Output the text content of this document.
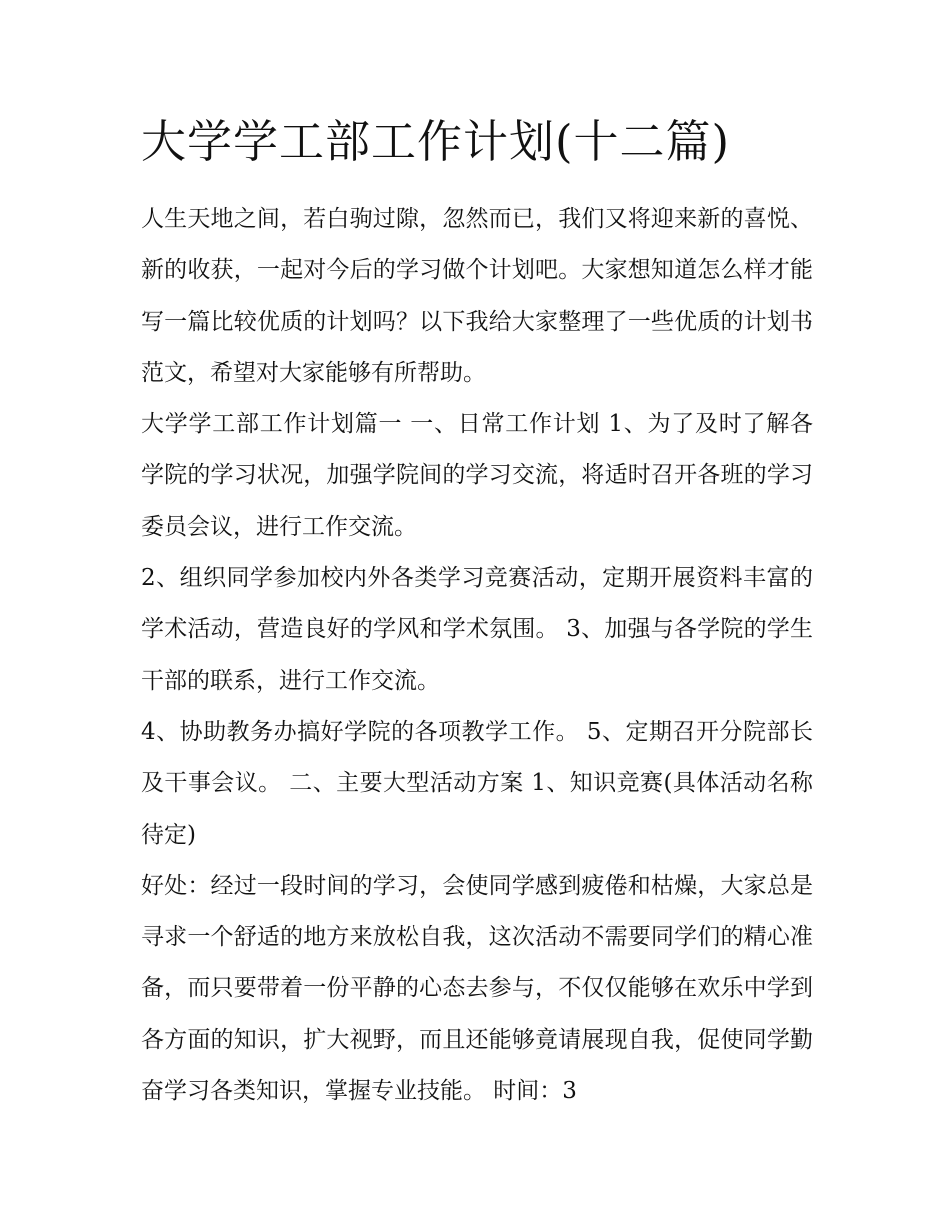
大学学工部工作计划(十二篇)

人生天地之间，若白驹过隙，忽然而已，我们又将迎来新的喜悦、新的收获，一起对今后的学习做个计划吧。大家想知道怎么样才能写一篇比较优质的计划吗？以下我给大家整理了一些优质的计划书范文，希望对大家能够有所帮助。

大学学工部工作计划篇一 一、日常工作计划 1、为了及时了解各学院的学习状况，加强学院间的学习交流，将适时召开各班的学习委员会议，进行工作交流。

2、组织同学参加校内外各类学习竞赛活动，定期开展资料丰富的学术活动，营造良好的学风和学术氛围。 3、加强与各学院的学生干部的联系，进行工作交流。

4、协助教务办搞好学院的各项教学工作。 5、定期召开分院部长及干事会议。 二、主要大型活动方案 1、知识竞赛(具体活动名称待定)

好处：经过一段时间的学习，会使同学感到疲倦和枯燥，大家总是寻求一个舒适的地方来放松自我，这次活动不需要同学们的精心准备，而只要带着一份平静的心态去参与，不仅仅能够在欢乐中学到各方面的知识，扩大视野，而且还能够竟请展现自我，促使同学勤奋学习各类知识，掌握专业技能。 时间：3
